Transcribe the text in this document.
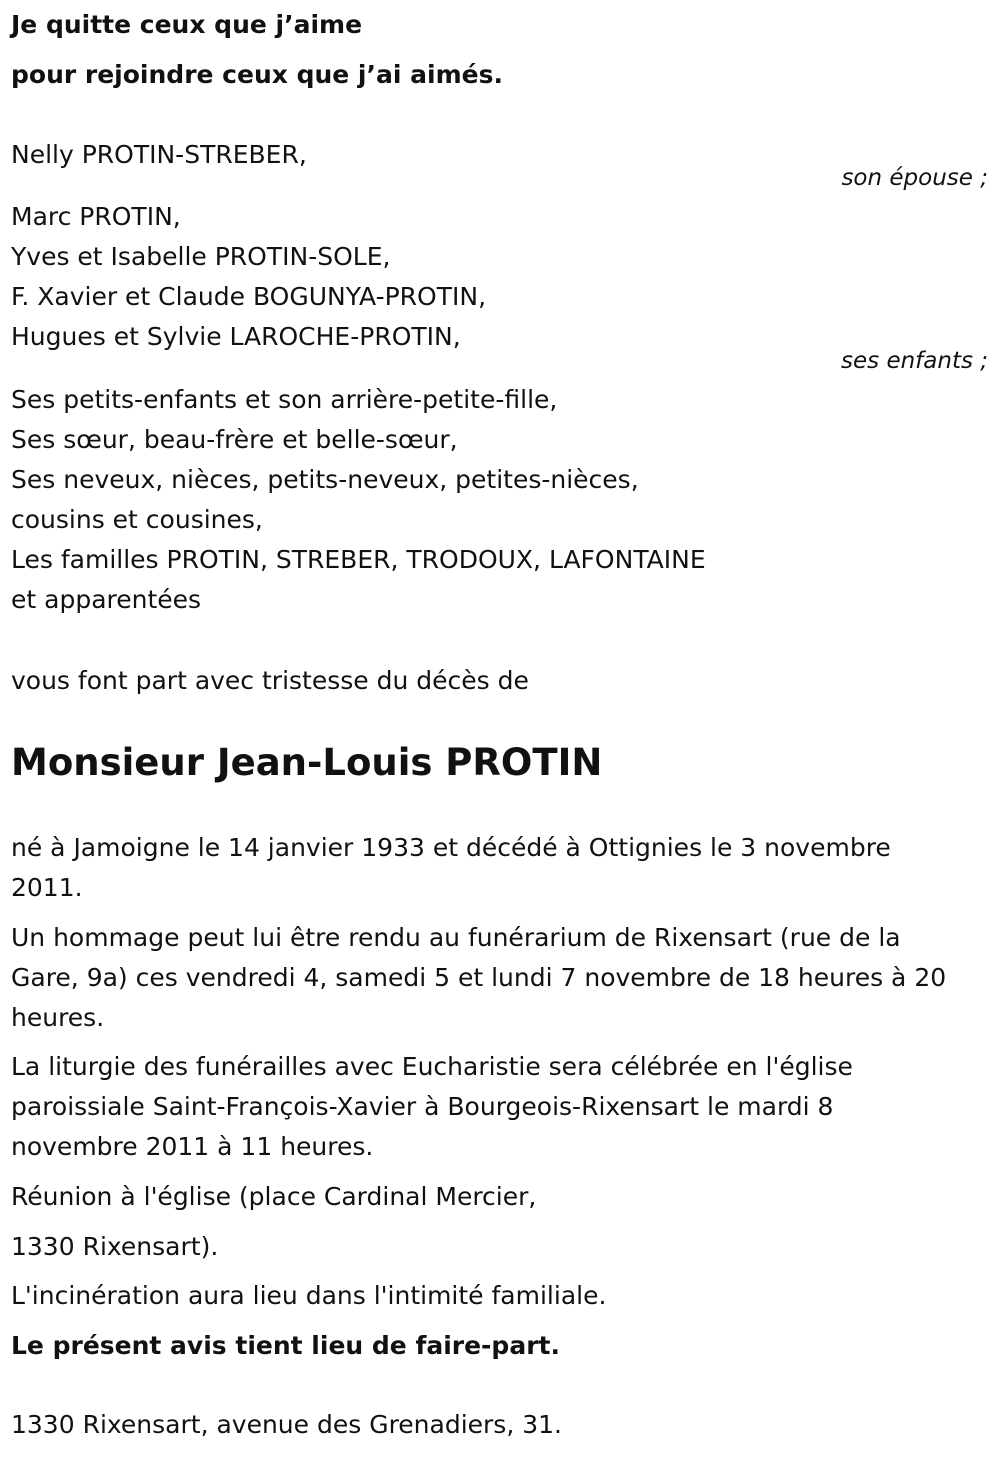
Je quitte ceux que j’aime
pour rejoindre ceux que j’ai aimés.
Nelly PROTIN-STREBER,
son épouse ;
Marc PROTIN,
Yves et Isabelle PROTIN-SOLE,
F. Xavier et Claude BOGUNYA-PROTIN,
Hugues et Sylvie LAROCHE-PROTIN,
ses enfants ;
Ses petits-enfants et son arrière-petite-fille,
Ses sœur, beau-frère et belle-sœur,
Ses neveux, nièces, petits-neveux, petites-nièces,
cousins et cousines,
Les familles PROTIN, STREBER, TRODOUX, LAFONTAINE
et apparentées
vous font part avec tristesse du décès de
Monsieur Jean-Louis PROTIN
né à Jamoigne le 14 janvier 1933 et décédé à Ottignies le 3 novembre
2011.
Un hommage peut lui être rendu au funérarium de Rixensart (rue de la
Gare, 9a) ces vendredi 4, samedi 5 et lundi 7 novembre de 18 heures à 20
heures.
La liturgie des funérailles avec Eucharistie sera célébrée en l'église
paroissiale Saint-François-Xavier à Bourgeois-Rixensart le mardi 8
novembre 2011 à 11 heures.
Réunion à l'église (place Cardinal Mercier,
1330 Rixensart).
L'incinération aura lieu dans l'intimité familiale.
Le présent avis tient lieu de faire-part.
1330 Rixensart, avenue des Grenadiers, 31.
